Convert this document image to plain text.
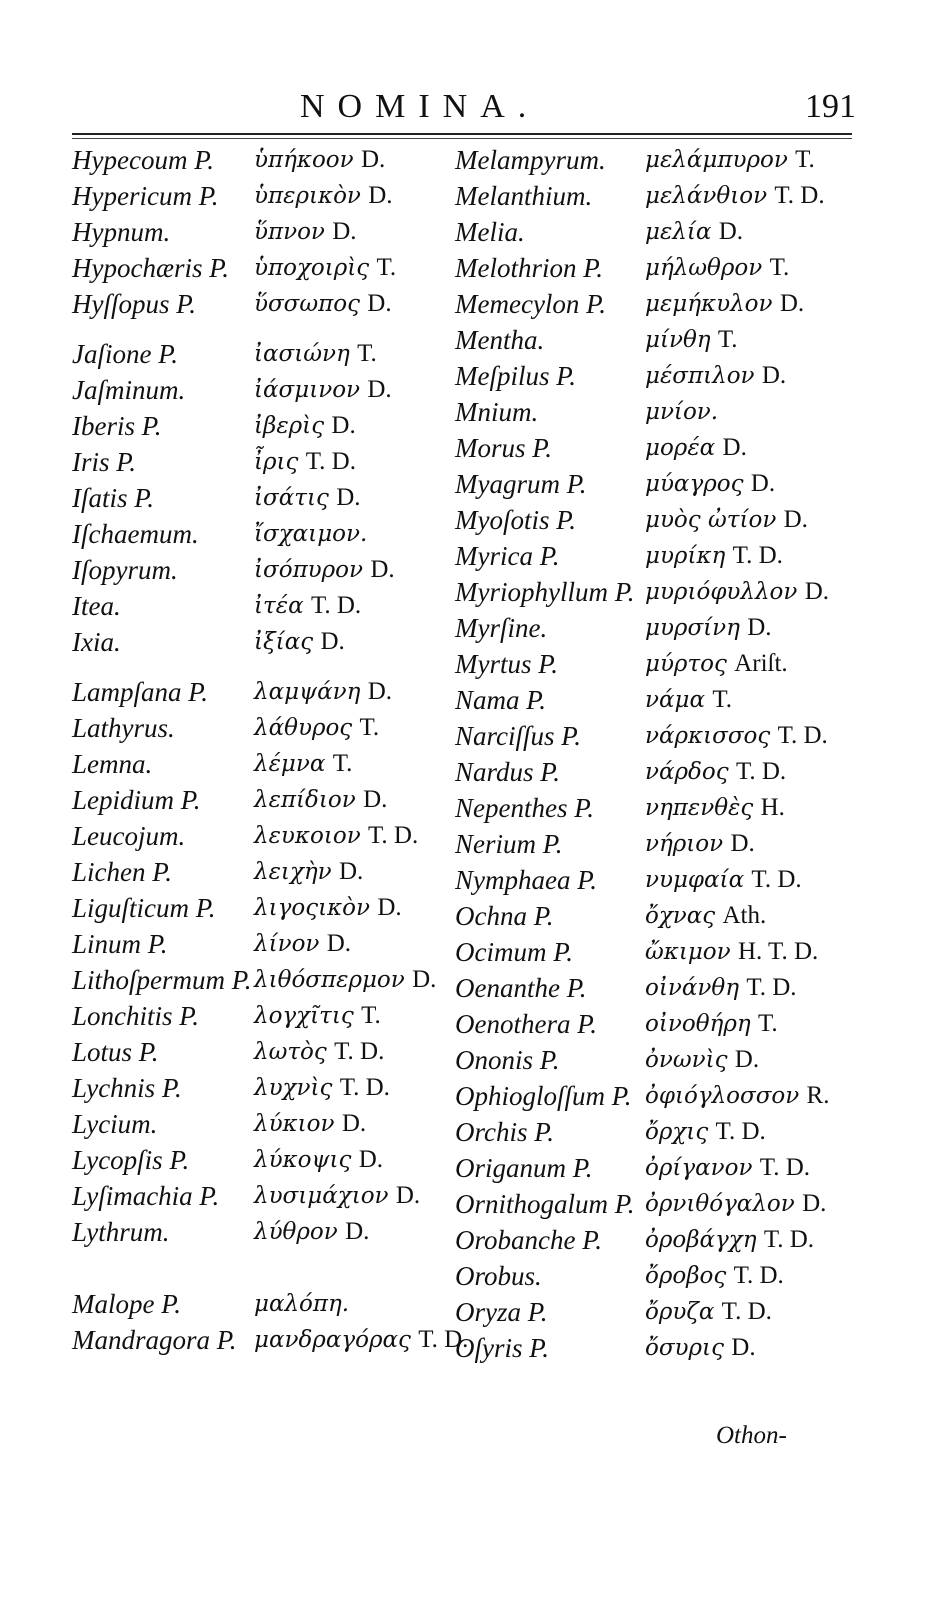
NOMINA.	191
Hypecoum P. ὑπήκοον D.
Hypericum P. ὑπερικὸν D.
Hypnum.	ὕπνον D.
Hypochæris P. ὑποχοιρὶς T.
Hyſſopus P.	ὕσσωπος D.
Jaſione P.	ἰασιώνη T.
Jaſminum.	ἰάσμινον D.
Iberis P.	ἰβερὶς D.
Iris P.	ἶρις T. D.
Iſatis P.	ἰσάτις D.
Iſchaemum. ἴσχαιμον.
Iſopyrum.	ἰσόπυρον D.
Itea.	ἰτέα T. D.
Ixia.	ἰξίας D.
Lampſana P. λαμψάνη D.
Lathyrus.	λάθυρος T.
Lemna.	λέμνα T.
Lepidium P. λεπίδιον D.
Leucojum.	λευκοιον T. D.
Lichen P.	λειχὴν D.
Liguſticum P. λιγοςικὸν D.
Linum P.	λίνον D.
Lithoſpermum P. λιθόσπερμον D.
Lonchitis P. λογχῖτις T.
Lotus P.	λωτὸς T. D.
Lychnis P.	λυχνὶς T. D.
Lycium.	λύκιον D.
Lycopſis P.	λύκοψις D.
Lyſimachia P. λυσιμάχιον D.
Lythrum.	λύθρον D.
Malope P.	μαλόπη.
Mandragora P. μανδραγόρας T. D.
Melampyrum. μελάμπυρον T.
Melanthium. μελάνθιον T. D.
Melia.	μελία D.
Melothrion P. μήλωθρον T.
Memecylon P. μεμήκυλον D.
Mentha.	μίνθη T.
Meſpilus P.	μέσπιλον D.
Mnium.	μνίον.
Morus P.	μορέα D.
Myagrum P.	μύαγρος D.
Myoſotis P.	μυὸς ὠτίον D.
Myrica P.	μυρίκη T. D.
Myriophyllum P. μυριόφυλλον D.
Myrſine.	μυρσίνη D.
Myrtus P.	μύρτος Ariſt.
Nama P.	νάμα T.
Narciſſus P.	νάρκισσος T. D.
Nardus P.	νάρδος T. D.
Nepenthes P. νηπενθὲς H.
Nerium P.	νήριον D.
Nymphaea P. νυμφαία T. D.
Ochna P.	ὄχνας Ath.
Ocimum P.	ὤκιμον H. T. D.
Oenanthe P.	οἰνάνθη T. D.
Oenothera P. οἰνοθήρη T.
Ononis P.	ὀνωνὶς D.
Ophiogloſſum P. ὀφιόγλοσσον R.
Orchis P.	ὄρχις T. D.
Origanum P. ὀρίγανον T. D.
Ornithogalum P. ὀρνιθόγαλον D.
Orobanche P. ὀροβάγχη T. D.
Orobus.	ὄροβος T. D.
Oryza P.	ὄρυζα T. D.
Oſyris P.	ὄσυρις D.
Othon-
